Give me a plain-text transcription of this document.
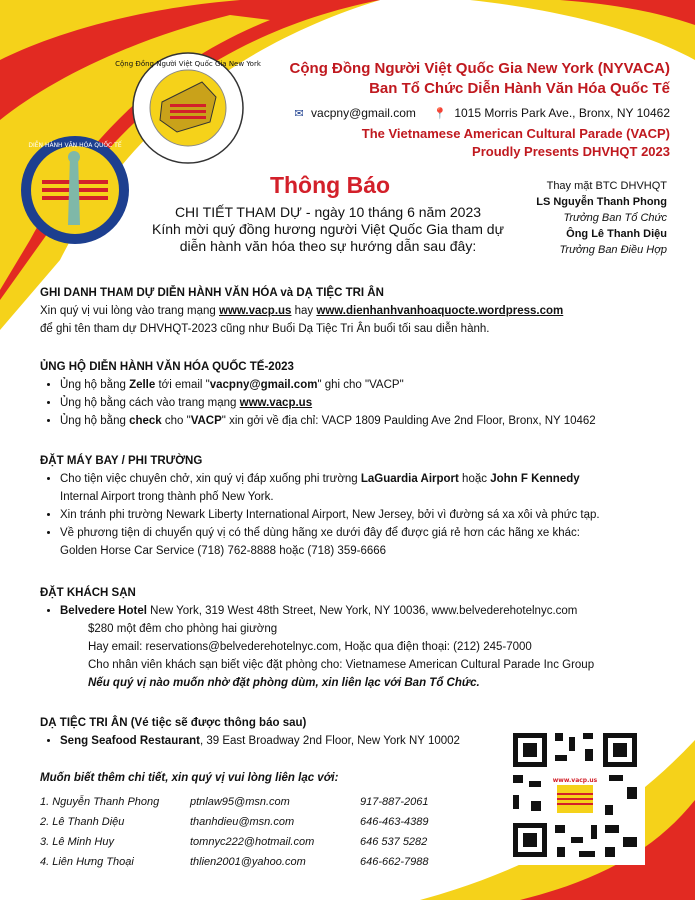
DIỄN HÀNH VĂN HÓA QUỐC TẾ
Cộng Đồng Người Việt Quốc Gia New York	Cộng Đồng Người Việt Quốc Gia New York (NYVACA)
Ban Tổ Chức Diễn Hành Văn Hóa Quốc Tế
✉ vacpny@gmail.com 📍 1015 Morris Park Ave., Bronx, NY 10462
The Vietnamese American Cultural Parade (VACP)
Proudly Presents DHVHQT 2023
Thông Báo
CHI TIẾT THAM DỰ - ngày 10 tháng 6 năm 2023
Kính mời quý đồng hương người Việt Quốc Gia tham dự
diễn hành văn hóa theo sự hướng dẫn sau đây:
Thay mặt BTC DHVHQT
LS Nguyễn Thanh Phong
Trưởng Ban Tổ Chức
Ông Lê Thanh Diệu
Trưởng Ban Điều Hợp

GHI DANH THAM DỰ DIỄN HÀNH VĂN HÓA và DẠ TIỆC TRI ÂN

Xin quý vị vui lòng vào trang mạng www.vacp.us hay www.dienhanhvanhoaquocte.wordpress.com

để ghi tên tham dự DHVHQT-2023 cũng như Buổi Dạ Tiệc Tri Ân buổi tối sau diễn hành.

ỦNG HỘ DIỄN HÀNH VĂN HÓA QUỐC TẾ-2023

• Ủng hộ bằng Zelle tới email "vacpny@gmail.com" ghi cho "VACP"
• Ủng hộ bằng cách vào trang mạng www.vacp.us
• Ủng hộ bằng check cho "VACP" xin gởi về địa chỉ: VACP 1809 Paulding Ave 2nd Floor, Bronx, NY 10462

ĐẶT MÁY BAY / PHI TRƯỜNG

• Cho tiện việc chuyên chở, xin quý vị đáp xuống phi trường LaGuardia Airport hoặc John F Kennedy
Internal Airport trong thành phố New York.
• Xin tránh phi trường Newark Liberty International Airport, New Jersey, bởi vì đường sá xa xôi và phức tạp.
• Về phương tiện di chuyển quý vị có thể dùng hãng xe dưới đây để được giá rẻ hơn các hãng xe khác:

Golden Horse Car Service (718) 762-8888 hoặc (718) 359-6666

ĐẶT KHÁCH SẠN

• Belvedere Hotel New York, 319 West 48th Street, New York, NY 10036, www.belvederehotelnyc.com

$280 một đêm cho phòng hai giường

Hay email: reservations@belvederehotelnyc.com, Hoặc qua điện thoại: (212) 245-7000

Cho nhân viên khách sạn biết việc đặt phòng cho: Vietnamese American Cultural Parade Inc Group

Nếu quý vị nào muốn nhờ đặt phòng dùm, xin liên lạc với Ban Tổ Chức.

DẠ TIỆC TRI ÂN (Vé tiệc sẽ được thông báo sau)

• Seng Seafood Restaurant, 39 East Broadway 2nd Floor, New York NY 10002
Muốn biết thêm chi tiết, xin quý vị vui lòng liên lạc với:
1. Nguyễn Thanh Phong	ptnlaw95@msn.com	917-887-2061
2. Lê Thanh Diệu	thanhdieu@msn.com	646-463-4389
3. Lê Minh Huy	tomnyc222@hotmail.com	646 537 5282
4. Liên Hưng Thoại	thlien2001@yahoo.com	646-662-7988
www.vacp.us
